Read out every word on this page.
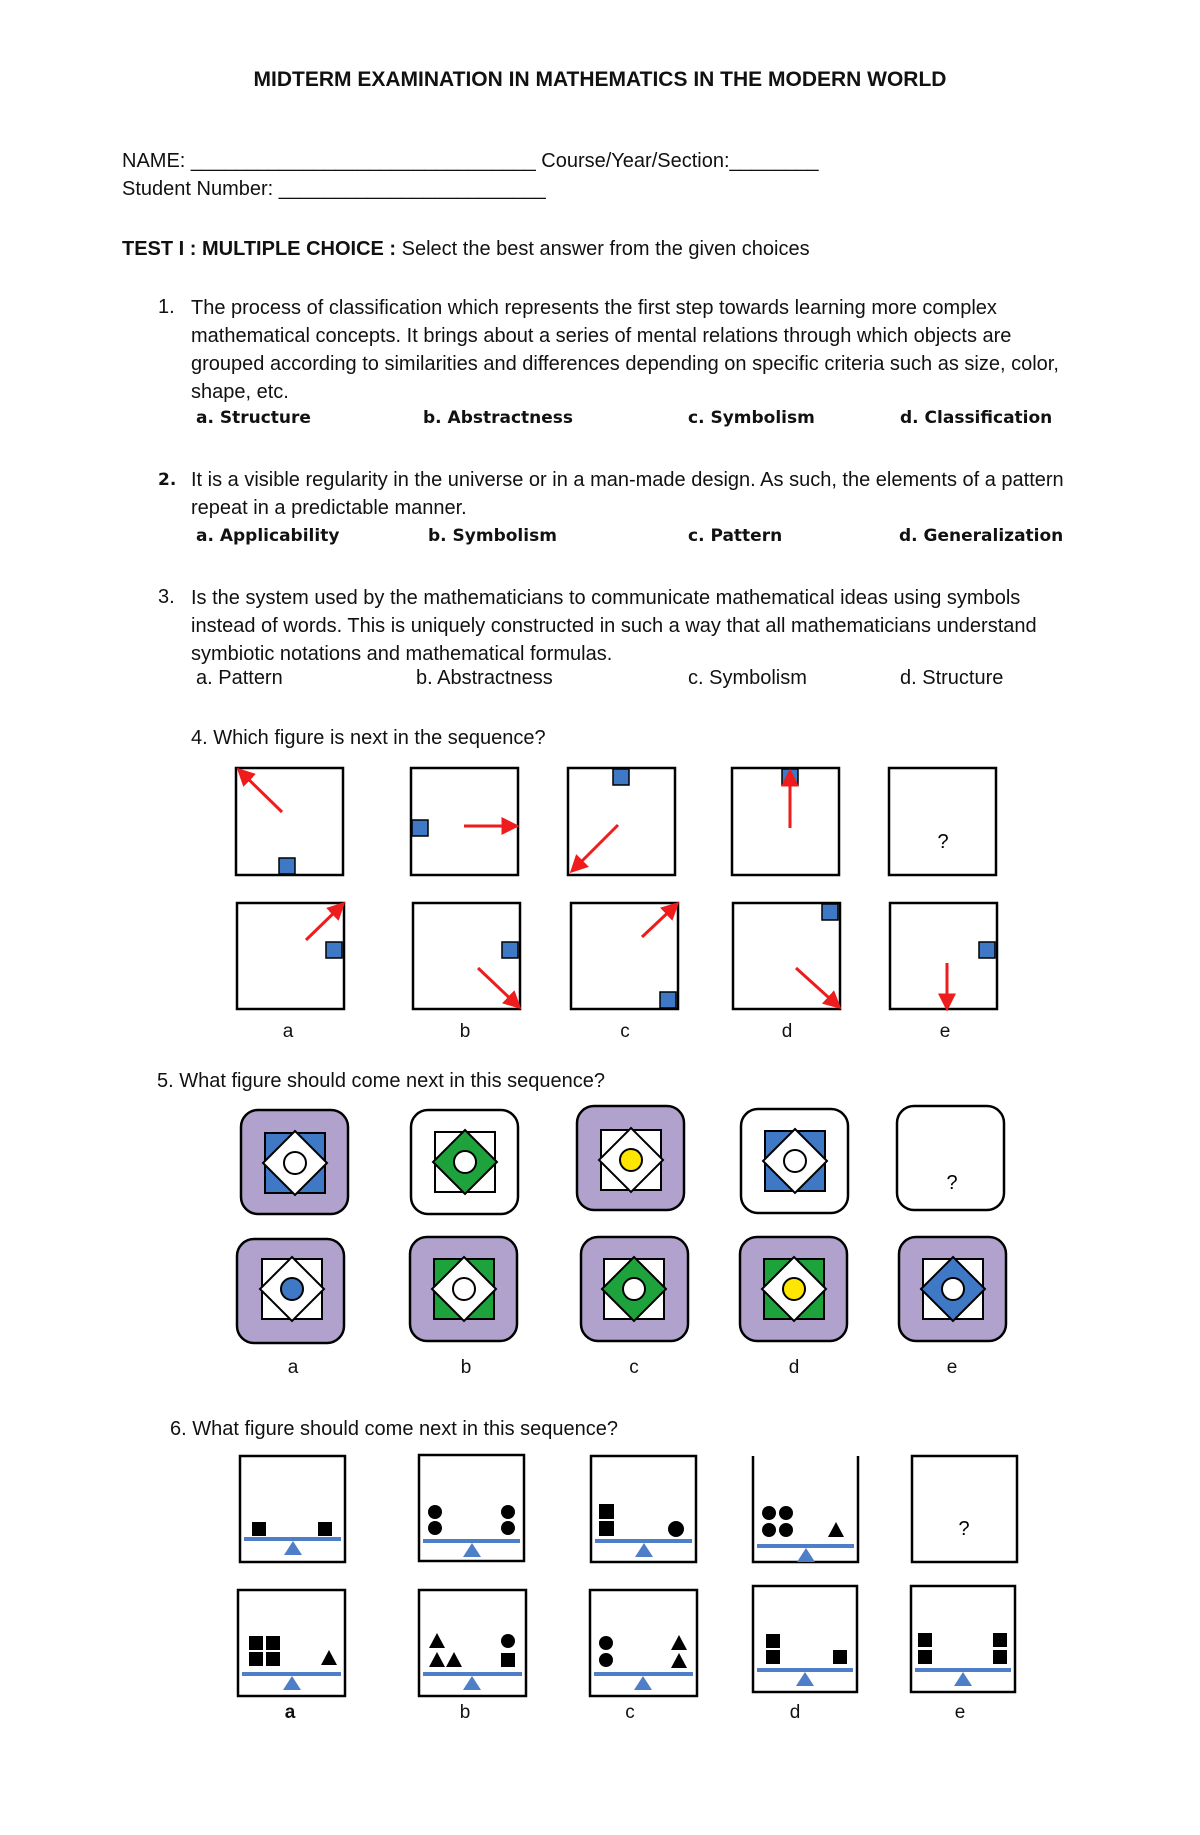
MIDTERM EXAMINATION IN MATHEMATICS IN THE MODERN WORLD
NAME: _______________________________ Course/Year/Section:________
Student Number: ________________________
TEST I : MULTIPLE CHOICE : Select the best answer from the given choices
1. The process of classification which represents the first step towards learning more complex mathematical concepts. It brings about a series of mental relations through which objects are grouped according to similarities and differences depending on specific criteria such as size, color, shape, etc.
a. Structure	b. Abstractness	c. Symbolism	d. Classification
2. It is a visible regularity in the universe or in a man-made design. As such, the elements of a pattern repeat in a predictable manner.
a. Applicability	b. Symbolism	c. Pattern	d. Generalization
3. Is the system used by the mathematicians to communicate mathematical ideas using symbols instead of words. This is uniquely constructed in such a way that all mathematicians understand symbiotic notations and mathematical formulas.
a. Pattern	b. Abstractness	c. Symbolism	d. Structure
4. Which figure is next in the sequence?
?
?
?
a	b	c	d	e
5. What figure should come next in this sequence?
a	b	c	d	e
6. What figure should come next in this sequence?
a	b	c	d	e
